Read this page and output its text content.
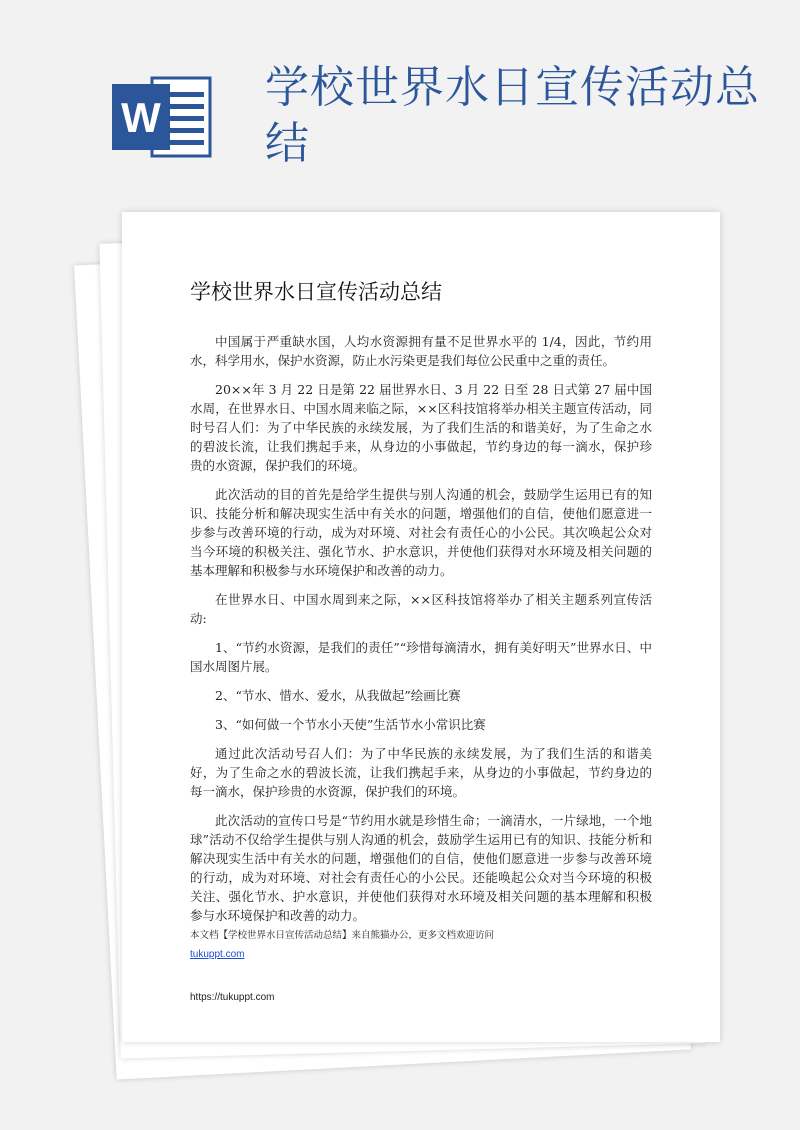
W
学校世界水日宣传活动总结
学校世界水日宣传活动总结

中国属于严重缺水国，人均水资源拥有量不足世界水平的 1/4，因此，节约用水，科学用水，保护水资源，防止水污染更是我们每位公民重中之重的责任。

20××年 3 月 22 日是第 22 届世界水日、3 月 22 日至 28 日式第 27 届中国水周，在世界水日、中国水周来临之际，××区科技馆将举办相关主题宣传活动，同时号召人们：为了中华民族的永续发展，为了我们生活的和谐美好，为了生命之水的碧波长流，让我们携起手来，从身边的小事做起，节约身边的每一滴水，保护珍贵的水资源，保护我们的环境。

此次活动的目的首先是给学生提供与别人沟通的机会，鼓励学生运用已有的知识、技能分析和解决现实生活中有关水的问题，增强他们的自信，使他们愿意进一步参与改善环境的行动，成为对环境、对社会有责任心的小公民。其次唤起公众对当今环境的积极关注、强化节水、护水意识，并使他们获得对水环境及相关问题的基本理解和积极参与水环境保护和改善的动力。

在世界水日、中国水周到来之际，××区科技馆将举办了相关主题系列宣传活动:

1、“节约水资源，是我们的责任”“珍惜每滴清水，拥有美好明天”世界水日、中国水周图片展。

2、“节水、惜水、爱水，从我做起”绘画比赛

3、“如何做一个节水小天使”生活节水小常识比赛

通过此次活动号召人们：为了中华民族的永续发展，为了我们生活的和谐美好，为了生命之水的碧波长流，让我们携起手来，从身边的小事做起，节约身边的每一滴水，保护珍贵的水资源，保护我们的环境。

此次活动的宣传口号是“节约用水就是珍惜生命；一滴清水，一片绿地，一个地球”活动不仅给学生提供与别人沟通的机会，鼓励学生运用已有的知识、技能分析和解决现实生活中有关水的问题，增强他们的自信，使他们愿意进一步参与改善环境的行动，成为对环境、对社会有责任心的小公民。还能唤起公众对当今环境的积极关注、强化节水、护水意识，并使他们获得对水环境及相关问题的基本理解和积极参与水环境保护和改善的动力。

本文档【学校世界水日宣传活动总结】来自熊猫办公，更多文档欢迎访问
tukuppt.com
https://tukuppt.com
